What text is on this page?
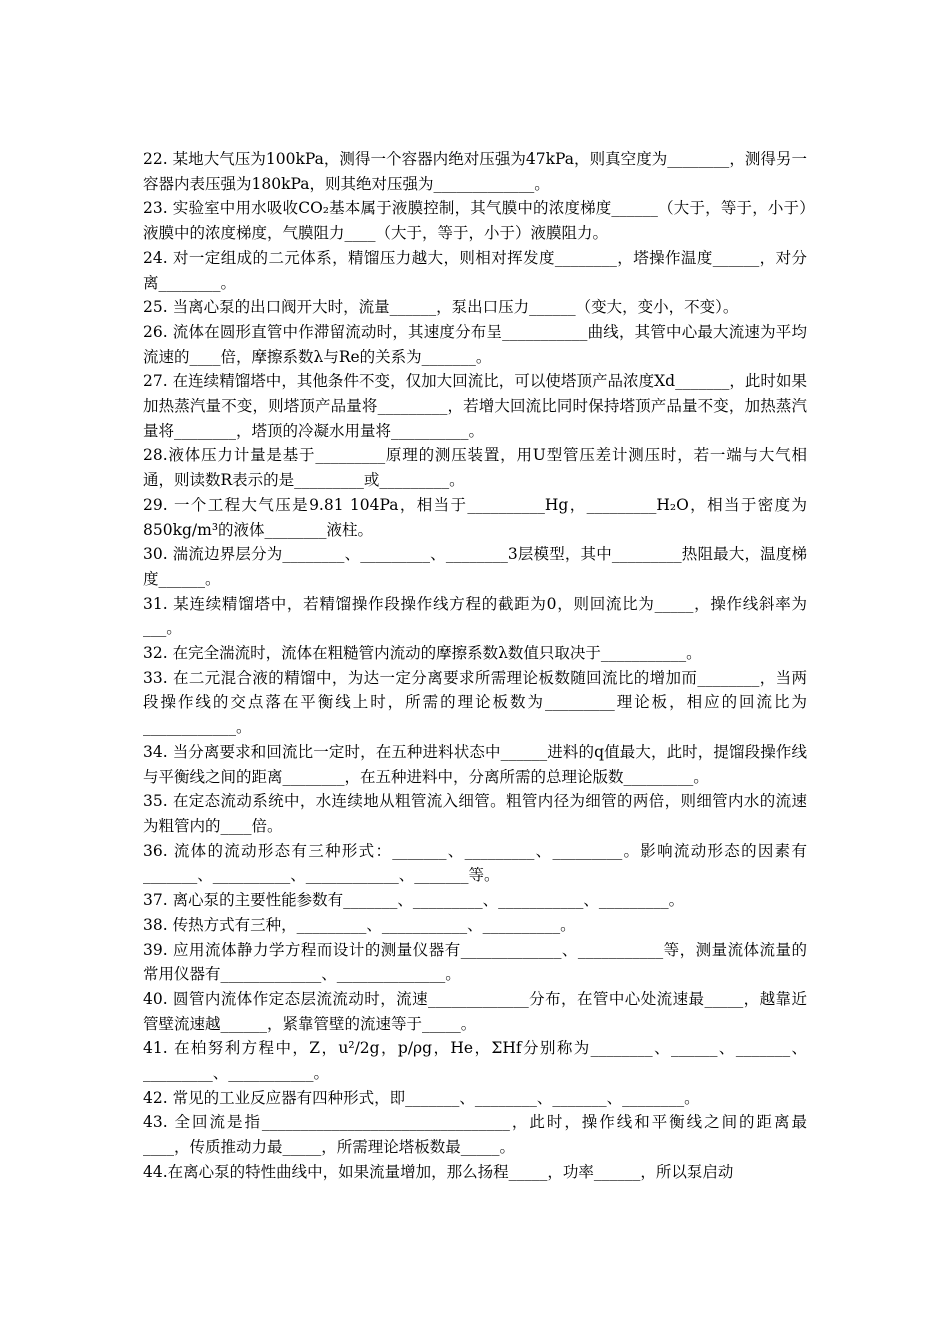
22. 某地大气压为100kPa，测得一个容器内绝对压强为47kPa，则真空度为________，测得另一容器内表压强为180kPa，则其绝对压强为_____________。

23. 实验室中用水吸收CO₂基本属于液膜控制，其气膜中的浓度梯度______（大于，等于，小于）液膜中的浓度梯度，气膜阻力____（大于，等于，小于）液膜阻力。

24. 对一定组成的二元体系，精馏压力越大，则相对挥发度________，塔操作温度______，对分离________。

25. 当离心泵的出口阀开大时，流量______，泵出口压力______（变大，变小，不变）。

26. 流体在圆形直管中作滞留流动时，其速度分布呈___________曲线，其管中心最大流速为平均流速的____倍，摩擦系数λ与Re的关系为_______。

27. 在连续精馏塔中，其他条件不变，仅加大回流比，可以使塔顶产品浓度Xd_______，此时如果加热蒸汽量不变，则塔顶产品量将_________，若增大回流比同时保持塔顶产品量不变，加热蒸汽量将________，塔顶的冷凝水用量将__________。

28.液体压力计量是基于_________原理的测压装置，用U型管压差计测压时，若一端与大气相通，则读数R表示的是_________或_________。

29. 一个工程大气压是9.81 104Pa，相当于__________Hg，_________H₂O，相当于密度为850kg/m³的液体________液柱。

30. 湍流边界层分为________、_________、________3层模型，其中_________热阻最大，温度梯度______。

31. 某连续精馏塔中，若精馏操作段操作线方程的截距为0，则回流比为_____，操作线斜率为___。

32. 在完全湍流时，流体在粗糙管内流动的摩擦系数λ数值只取决于___________。

33. 在二元混合液的精馏中，为达一定分离要求所需理论板数随回流比的增加而________，当两段操作线的交点落在平衡线上时，所需的理论板数为_________理论板，相应的回流比为____________。

34. 当分离要求和回流比一定时，在五种进料状态中______进料的q值最大，此时，提馏段操作线与平衡线之间的距离________，在五种进料中，分离所需的总理论版数_________。

35. 在定态流动系统中，水连续地从粗管流入细管。粗管内径为细管的两倍，则细管内水的流速为粗管内的____倍。

36. 流体的流动形态有三种形式：_______、_________、_________。影响流动形态的因素有_______、__________、____________、_______等。

37. 离心泵的主要性能参数有_______、_________、___________、_________。

38. 传热方式有三种，_________、___________、__________。

39. 应用流体静力学方程而设计的测量仪器有_____________、___________等，测量流体流量的常用仪器有_____________、______________。

40. 圆管内流体作定态层流流动时，流速_____________分布，在管中心处流速最_____，越靠近管壁流速越______，紧靠管壁的流速等于_____。

41. 在柏努利方程中，Z，u²/2g，p/ρg，He，ΣHf分别称为________、______、_______、_________、___________。

42. 常见的工业反应器有四种形式，即_______、________、_______、________。

43. 全回流是指________________________________，此时，操作线和平衡线之间的距离最____，传质推动力最_____，所需理论塔板数最_____。

44.在离心泵的特性曲线中，如果流量增加，那么扬程_____，功率______，所以泵启动
